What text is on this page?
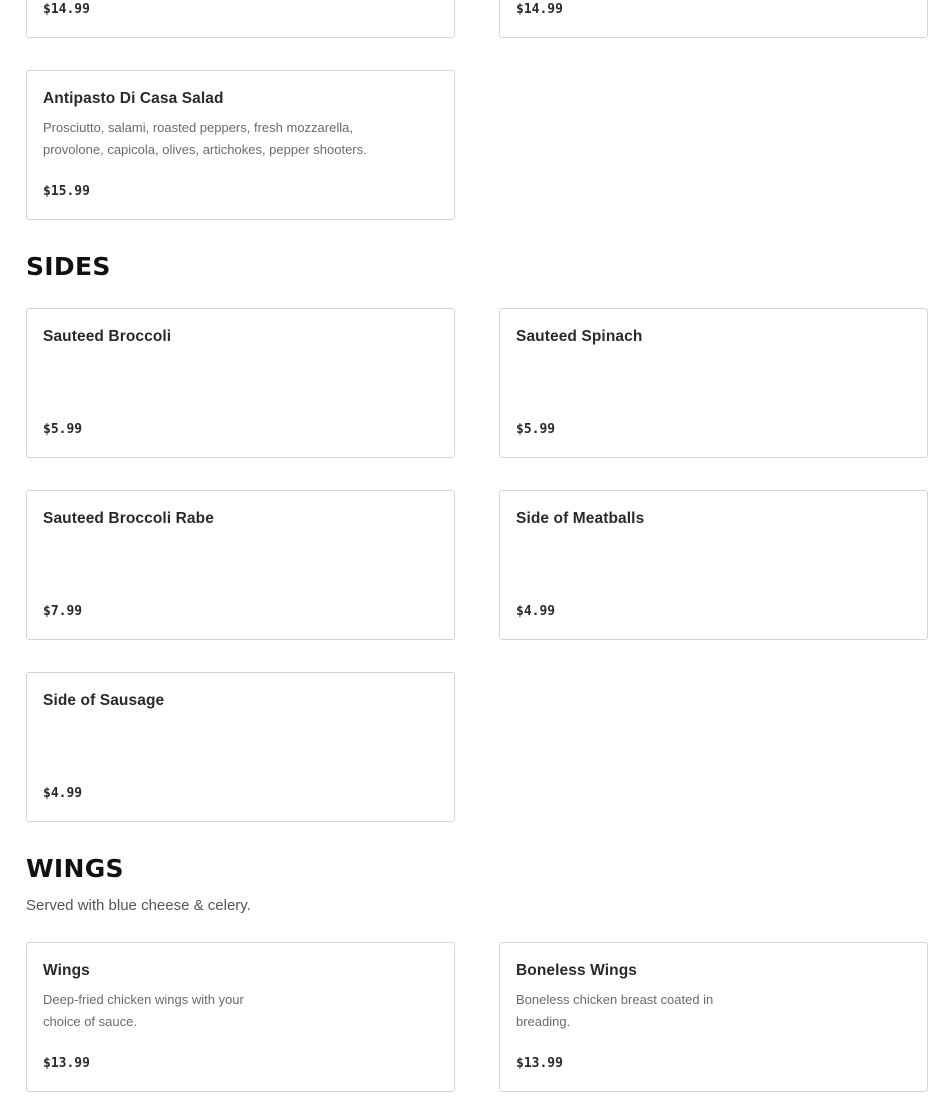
$14.99	$14.99
Antipasto Di Casa Salad
Prosciutto, salami, roasted peppers, fresh mozzarella, provolone, capicola, olives, artichokes, pepper shooters.
$15.99
SIDES
Sauteed Broccoli
$5.99
Sauteed Spinach
$5.99
Sauteed Broccoli Rabe
$7.99
Side of Meatballs
$4.99
Side of Sausage
$4.99
WINGS
Served with blue cheese & celery.
Wings
Deep-fried chicken wings with your choice of sauce.
$13.99
Boneless Wings
Boneless chicken breast coated in breading.
$13.99
